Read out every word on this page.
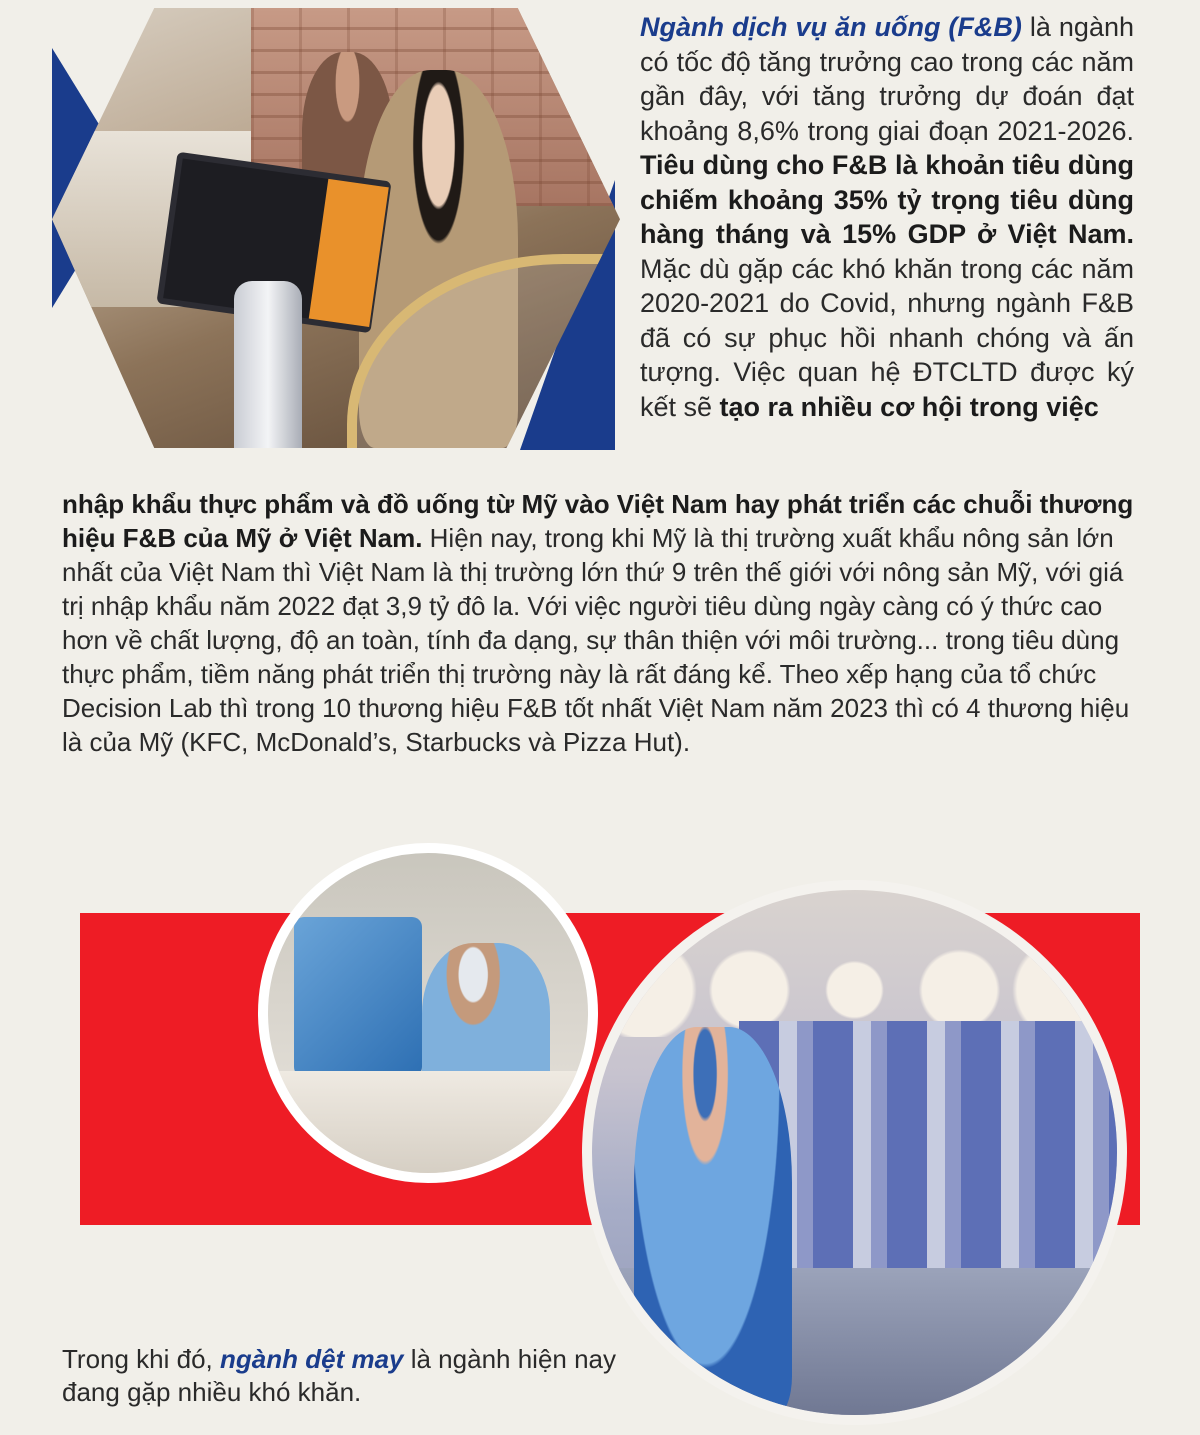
Ngành dịch vụ ăn uống (F&B) là ngành có tốc độ tăng trưởng cao trong các năm gần đây, với tăng trưởng dự đoán đạt khoảng 8,6% trong giai đoạn 2021-2026. Tiêu dùng cho F&B là khoản tiêu dùng chiếm khoảng 35% tỷ trọng tiêu dùng hàng tháng và 15% GDP ở Việt Nam. Mặc dù gặp các khó khăn trong các năm 2020-2021 do Covid, nhưng ngành F&B đã có sự phục hồi nhanh chóng và ấn tượng. Việc quan hệ ĐTCLTD được ký kết sẽ tạo ra nhiều cơ hội trong việc

nhập khẩu thực phẩm và đồ uống từ Mỹ vào Việt Nam hay phát triển các chuỗi thương hiệu F&B của Mỹ ở Việt Nam. Hiện nay, trong khi Mỹ là thị trường xuất khẩu nông sản lớn nhất của Việt Nam thì Việt Nam là thị trường lớn thứ 9 trên thế giới với nông sản Mỹ, với giá trị nhập khẩu năm 2022 đạt 3,9 tỷ đô la. Với việc người tiêu dùng ngày càng có ý thức cao hơn về chất lượng, độ an toàn, tính đa dạng, sự thân thiện với môi trường... trong tiêu dùng thực phẩm, tiềm năng phát triển thị trường này là rất đáng kể. Theo xếp hạng của tổ chức Decision Lab thì trong 10 thương hiệu F&B tốt nhất Việt Nam năm 2023 thì có 4 thương hiệu là của Mỹ (KFC, McDonald’s, Starbucks và Pizza Hut).

Trong khi đó, ngành dệt may là ngành hiện nay đang gặp nhiều khó khăn.
